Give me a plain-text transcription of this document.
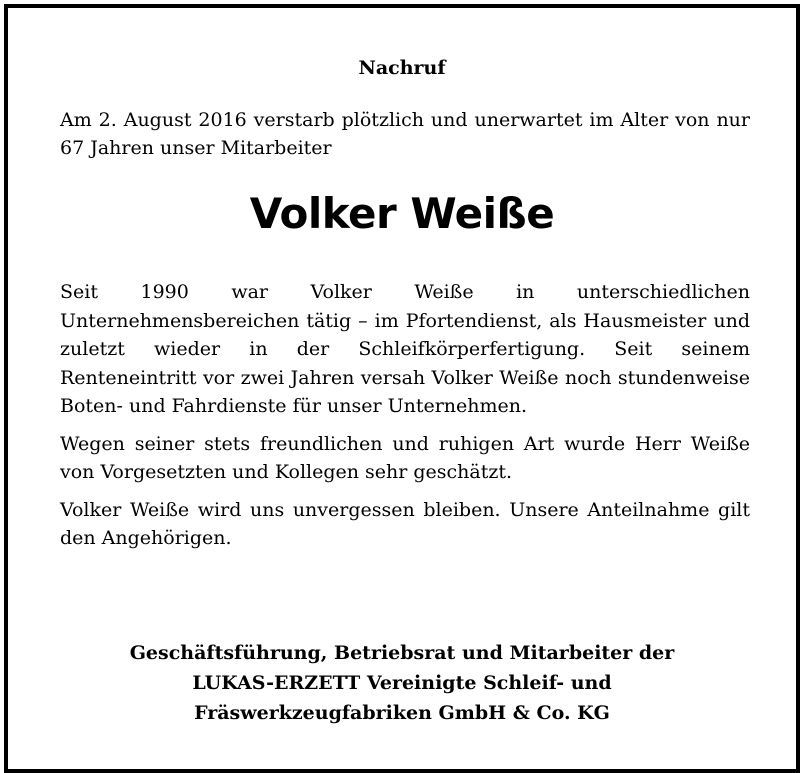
Nachruf
Am 2. August 2016 verstarb plötzlich und unerwartet im Alter von nur 67 Jahren unser Mitarbeiter
Volker Weiße

Seit 1990 war Volker Weiße in unterschiedlichen Unternehmensbereichen tätig – im Pfortendienst, als Hausmeister und zuletzt wieder in der Schleifkörperfertigung. Seit seinem Renteneintritt vor zwei Jahren versah Volker Weiße noch stundenweise Boten- und Fahrdienste für unser Unternehmen.

Wegen seiner stets freundlichen und ruhigen Art wurde Herr Weiße von Vorgesetzten und Kollegen sehr geschätzt.

Volker Weiße wird uns unvergessen bleiben. Unsere Anteilnahme gilt den Angehörigen.

Geschäftsführung, Betriebsrat und Mitarbeiter der
LUKAS-ERZETT Vereinigte Schleif- und
Fräswerkzeugfabriken GmbH & Co. KG
